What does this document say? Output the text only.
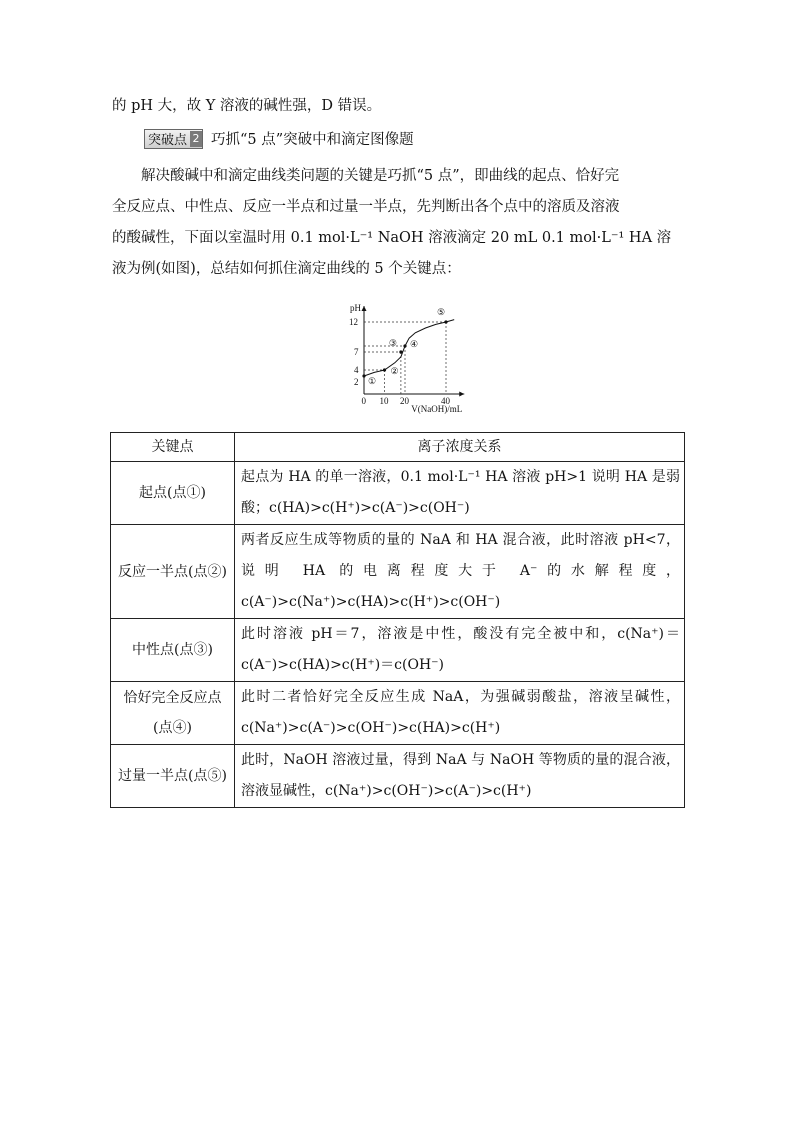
的 pH 大，故 Y 溶液的碱性强，D 错误。
突破点 2 巧抓“5 点”突破中和滴定图像题
解决酸碱中和滴定曲线类问题的关键是巧抓“5 点”，即曲线的起点、恰好完
全反应点、中性点、反应一半点和过量一半点，先判断出各个点中的溶质及溶液
的酸碱性，下面以室温时用 0.1 mol·L⁻¹ NaOH 溶液滴定 20 mL 0.1 mol·L⁻¹ HA 溶
液为例(如图)，总结如何抓住滴定曲线的 5 个关键点：
pH
V(NaOH)/mL
0 10 20	40
2
4
7
12
①
②
③ ④
⑤
关键点	离子浓度关系
起点(点①)	起点为 HA 的单一溶液，0.1 mol·L⁻¹ HA 溶液 pH>1 说明 HA 是弱酸；c(HA)>c(H⁺)>c(A⁻)>c(OH⁻)
反应一半点(点②)	两者反应生成等物质的量的 NaA 和 HA 混合液，此时溶液 pH<7，说明 HA 的电离程度大于 A⁻的水解程度，c(A⁻)>c(Na⁺)>c(HA)>c(H⁺)>c(OH⁻)
中性点(点③)	此时溶液 pH＝7，溶液是中性，酸没有完全被中和，c(Na⁺)＝c(A⁻)>c(HA)>c(H⁺)＝c(OH⁻)
恰好完全反应点(点④)	此时二者恰好完全反应生成 NaA，为强碱弱酸盐，溶液呈碱性，c(Na⁺)>c(A⁻)>c(OH⁻)>c(HA)>c(H⁺)
过量一半点(点⑤)	此时，NaOH 溶液过量，得到 NaA 与 NaOH 等物质的量的混合液，溶液显碱性，c(Na⁺)>c(OH⁻)>c(A⁻)>c(H⁺)
